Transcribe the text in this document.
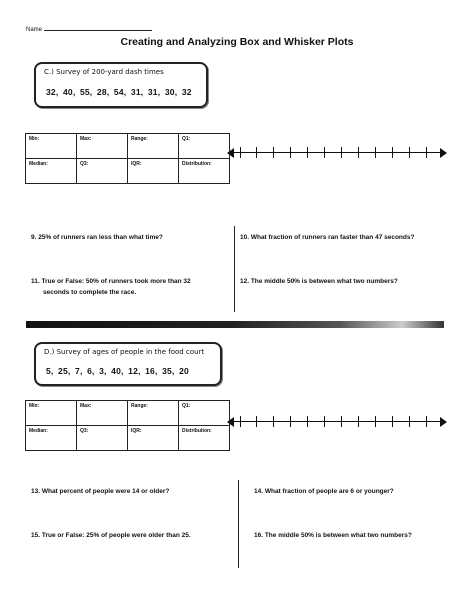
Name
Creating and Analyzing Box and Whisker Plots
C.) Survey of 200-yard dash times
32, 40, 55, 28, 54, 31, 31, 30, 32
Min:	Max:	Range:	Q1:
Median:	Q3:	IQR:	Distribution:
9. 25% of runners ran less than what time?	10. What fraction of runners ran faster than 47 seconds?
11. True or False: 50% of runners took more than 32
seconds to complete the race.
12. The middle 50% is between what two numbers?
D.) Survey of ages of people in the food court
5, 25, 7, 6, 3, 40, 12, 16, 35, 20
Min:	Max:	Range:	Q1:
Median:	Q3:	IQR:	Distribution:
13. What percent of people were 14 or older?	14. What fraction of people are 6 or younger?
15. True or False: 25% of people were older than 25.	16. The middle 50% is between what two numbers?
